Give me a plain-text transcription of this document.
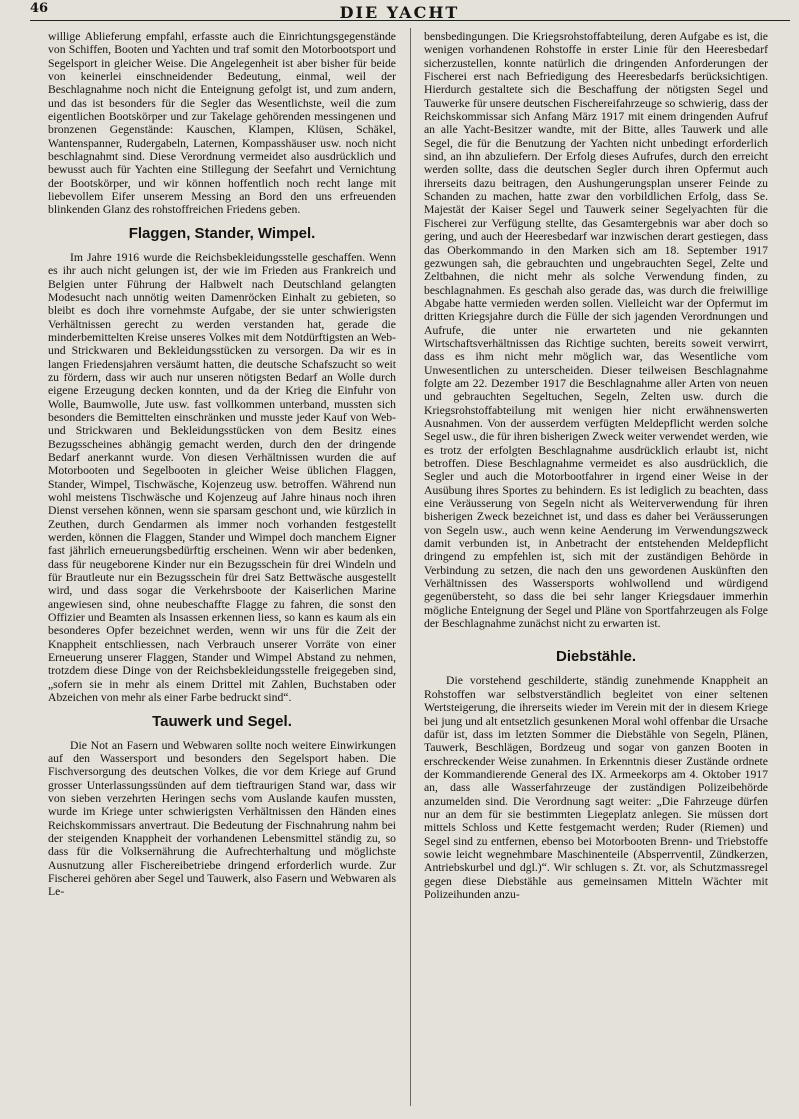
46	DIE YACHT

willige Ablieferung empfahl, erfasste auch die Einrichtungsgegenstände von Schiffen, Booten und Yachten und traf somit den Motorbootsport und Segelsport in gleicher Weise. Die Angelegenheit ist aber bisher für beide von keinerlei einschneidender Bedeutung, einmal, weil der Beschlagnahme noch nicht die Enteignung gefolgt ist, und zum andern, und das ist besonders für die Segler das Wesentlichste, weil die zum eigentlichen Bootskörper und zur Takelage gehörenden messingenen und bronzenen Gegenstände: Kauschen, Klampen, Klüsen, Schäkel, Wantenspanner, Rudergabeln, Laternen, Kompasshäuser usw. noch nicht beschlagnahmt sind. Diese Verordnung vermeidet also ausdrücklich und bewusst auch für Yachten eine Stillegung der Seefahrt und Vernichtung der Bootskörper, und wir können hoffentlich noch recht lange mit liebevollem Eifer unserem Messing an Bord den uns erfreuenden blinkenden Glanz des rohstoffreichen Friedens geben.

Flaggen, Stander, Wimpel.

Im Jahre 1916 wurde die Reichsbekleidungsstelle geschaffen. Wenn es ihr auch nicht gelungen ist, der wie im Frieden aus Frankreich und Belgien unter Führung der Halbwelt nach Deutschland gelangten Modesucht nach unnötig weiten Damenröcken Einhalt zu gebieten, so bleibt es doch ihre vornehmste Aufgabe, der sie unter schwierigsten Verhältnissen gerecht zu werden verstanden hat, gerade die minderbemittelten Kreise unseres Volkes mit dem Notdürftigsten an Web- und Strickwaren und Bekleidungsstücken zu versorgen. Da wir es in langen Friedensjahren versäumt hatten, die deutsche Schafszucht so weit zu fördern, dass wir auch nur unseren nötigsten Bedarf an Wolle durch eigene Erzeugung decken konnten, und da der Krieg die Einfuhr von Wolle, Baumwolle, Jute usw. fast vollkommen unterband, mussten sich besonders die Bemittelten einschränken und musste jeder Kauf von Web- und Strickwaren und Bekleidungsstücken von dem Besitz eines Bezugsscheines abhängig gemacht werden, durch den der dringende Bedarf anerkannt wurde. Von diesen Verhältnissen wurden die auf Motorbooten und Segelbooten in gleicher Weise üblichen Flaggen, Stander, Wimpel, Tischwäsche, Kojenzeug usw. betroffen. Während nun wohl meistens Tischwäsche und Kojenzeug auf Jahre hinaus noch ihren Dienst versehen können, wenn sie sparsam geschont und, wie kürzlich in Zeuthen, durch Gendarmen als immer noch vorhanden festgestellt werden, können die Flaggen, Stander und Wimpel doch manchem Eigner fast jährlich erneuerungsbedürftig erscheinen. Wenn wir aber bedenken, dass für neugeborene Kinder nur ein Bezugsschein für drei Windeln und für Brautleute nur ein Bezugsschein für drei Satz Bettwäsche ausgestellt wird, und dass sogar die Verkehrsboote der Kaiserlichen Marine angewiesen sind, ohne neubeschaffte Flagge zu fahren, die sonst den Offizier und Beamten als Insassen erkennen liess, so kann es kaum als ein besonderes Opfer bezeichnet werden, wenn wir uns für die Zeit der Knappheit entschliessen, nach Verbrauch unserer Vorräte von einer Erneuerung unserer Flaggen, Stander und Wimpel Abstand zu nehmen, trotzdem diese Dinge von der Reichsbekleidungsstelle freigegeben sind, „sofern sie in mehr als einem Drittel mit Zahlen, Buchstaben oder Abzeichen von mehr als einer Farbe bedruckt sind“.

Tauwerk und Segel.

Die Not an Fasern und Webwaren sollte noch weitere Einwirkungen auf den Wassersport und besonders den Segelsport haben. Die Fischversorgung des deutschen Volkes, die vor dem Kriege auf Grund grosser Unterlassungssünden auf dem tieftraurigen Stand war, dass wir von sieben verzehrten Heringen sechs vom Auslande kaufen mussten, wurde im Kriege unter schwierigsten Verhältnissen den Händen eines Reichskommissars anvertraut. Die Bedeutung der Fischnahrung nahm bei der steigenden Knappheit der vorhandenen Lebensmittel ständig zu, so dass für die Volksernährung die Aufrechterhaltung und möglichste Ausnutzung aller Fischereibetriebe dringend erforderlich wurde. Zur Fischerei gehören aber Segel und Tauwerk, also Fasern und Webwaren als Le-

bensbedingungen. Die Kriegsrohstoffabteilung, deren Aufgabe es ist, die wenigen vorhandenen Rohstoffe in erster Linie für den Heeresbedarf sicherzustellen, konnte natürlich die dringenden Anforderungen der Fischerei erst nach Befriedigung des Heeresbedarfs berücksichtigen. Hierdurch gestaltete sich die Beschaffung der nötigsten Segel und Tauwerke für unsere deutschen Fischereifahrzeuge so schwierig, dass der Reichskommissar sich Anfang März 1917 mit einem dringenden Aufruf an alle Yacht-Besitzer wandte, mit der Bitte, alles Tauwerk und alle Segel, die für die Benutzung der Yachten nicht unbedingt erforderlich sind, an ihn abzuliefern. Der Erfolg dieses Aufrufes, durch den erreicht werden sollte, dass die deutschen Segler durch ihren Opfermut auch ihrerseits dazu beitragen, den Aushungerungsplan unserer Feinde zu Schanden zu machen, hatte zwar den vorbildlichen Erfolg, dass Se. Majestät der Kaiser Segel und Tauwerk seiner Segelyachten für die Fischerei zur Verfügung stellte, das Gesamtergebnis war aber doch so gering, und auch der Heeresbedarf war inzwischen derart gestiegen, dass das Oberkommando in den Marken sich am 18. September 1917 gezwungen sah, die gebrauchten und ungebrauchten Segel, Zelte und Zeltbahnen, die nicht mehr als solche Verwendung finden, zu beschlagnahmen. Es geschah also gerade das, was durch die freiwillige Abgabe hatte vermieden werden sollen. Vielleicht war der Opfermut im dritten Kriegsjahre durch die Fülle der sich jagenden Verordnungen und Aufrufe, die unter nie erwarteten und nie gekannten Wirtschaftsverhältnissen das Richtige suchten, bereits soweit verwirrt, dass es ihm nicht mehr möglich war, das Wesentliche vom Unwesentlichen zu unterscheiden. Dieser teilweisen Beschlagnahme folgte am 22. Dezember 1917 die Beschlagnahme aller Arten von neuen und gebrauchten Segeltuchen, Segeln, Zelten usw. durch die Kriegsrohstoffabteilung mit wenigen hier nicht erwähnenswerten Ausnahmen. Von der ausserdem verfügten Meldepflicht werden solche Segel usw., die für ihren bisherigen Zweck weiter verwendet werden, wie es trotz der erfolgten Beschlagnahme ausdrücklich erlaubt ist, nicht betroffen. Diese Beschlagnahme vermeidet es also ausdrücklich, die Segler und auch die Motorbootfahrer in irgend einer Weise in der Ausübung ihres Sportes zu behindern. Es ist lediglich zu beachten, dass eine Veräusserung von Segeln nicht als Weiterverwendung für ihren bisherigen Zweck bezeichnet ist, und dass es daher bei Veräusserungen von Segeln usw., auch wenn keine Aenderung im Verwendungszweck damit verbunden ist, in Anbetracht der entstehenden Meldepflicht dringend zu empfehlen ist, sich mit der zuständigen Behörde in Verbindung zu setzen, die nach den uns gewordenen Auskünften den Verhältnissen des Wassersports wohlwollend und würdigend gegenübersteht, so dass die bei sehr langer Kriegsdauer immerhin mögliche Enteignung der Segel und Pläne von Sportfahrzeugen als Folge der Beschlagnahme zunächst nicht zu erwarten ist.

Diebstähle.

Die vorstehend geschilderte, ständig zunehmende Knappheit an Rohstoffen war selbstverständlich begleitet von einer seltenen Wertsteigerung, die ihrerseits wieder im Verein mit der in diesem Kriege bei jung und alt entsetzlich gesunkenen Moral wohl offenbar die Ursache dafür ist, dass im letzten Sommer die Diebstähle von Segeln, Plänen, Tauwerk, Beschlägen, Bordzeug und sogar von ganzen Booten in erschreckender Weise zunahmen. In Erkenntnis dieser Zustände ordnete der Kommandierende General des IX. Armeekorps am 4. Oktober 1917 an, dass alle Wasserfahrzeuge der zuständigen Polizeibehörde anzumelden sind. Die Verordnung sagt weiter: „Die Fahrzeuge dürfen nur an dem für sie bestimmten Liegeplatz anlegen. Sie müssen dort mittels Schloss und Kette festgemacht werden; Ruder (Riemen) und Segel sind zu entfernen, ebenso bei Motorbooten Brenn- und Triebstoffe sowie leicht wegnehmbare Maschinenteile (Absperrventil, Zündkerzen, Antriebskurbel und dgl.)“. Wir schlugen s. Zt. vor, als Schutzmassregel gegen diese Diebstähle aus gemeinsamen Mitteln Wächter mit Polizeihunden anzu-
